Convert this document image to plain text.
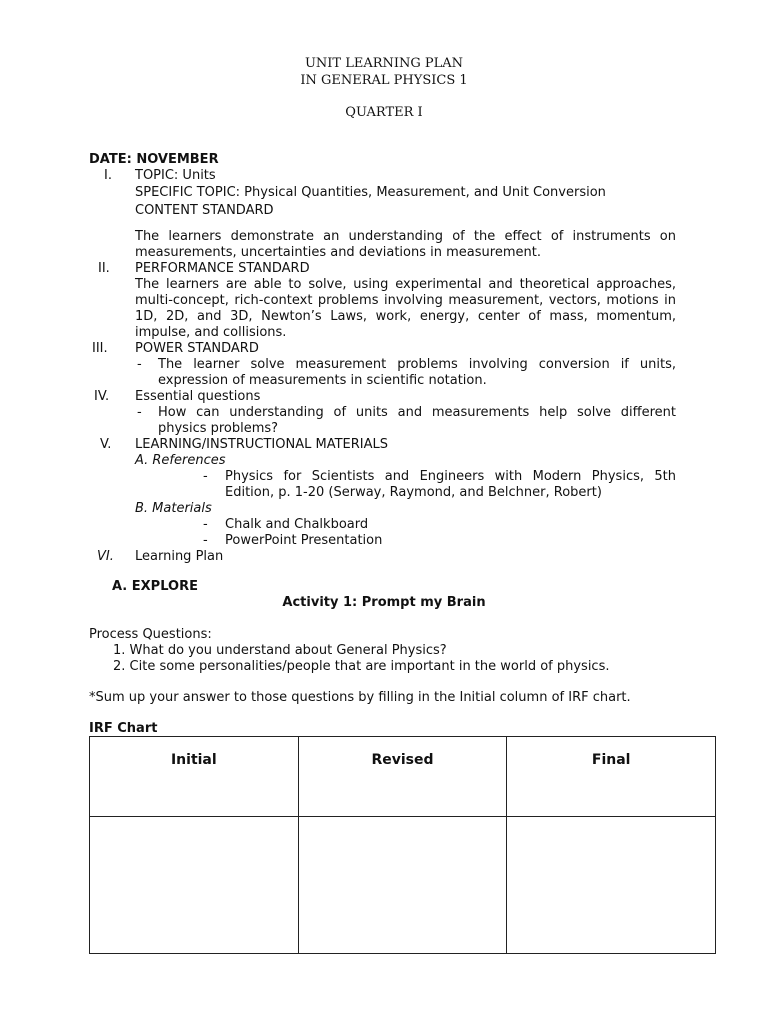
UNIT LEARNING PLAN
IN GENERAL PHYSICS 1
QUARTER I
DATE: NOVEMBER
I. TOPIC: Units
SPECIFIC TOPIC: Physical Quantities, Measurement, and Unit Conversion
CONTENT STANDARD
The learners demonstrate an understanding of the effect of instruments on
measurements, uncertainties and deviations in measurement.
II. PERFORMANCE STANDARD
The learners are able to solve, using experimental and theoretical approaches,
multi-concept, rich-context problems involving measurement, vectors, motions in
1D, 2D, and 3D, Newton’s Laws, work, energy, center of mass, momentum,
impulse, and collisions.
III. POWER STANDARD
- The learner solve measurement problems involving conversion if units,
expression of measurements in scientific notation.
IV. Essential questions
- How can understanding of units and measurements help solve different
physics problems?
V. LEARNING/INSTRUCTIONAL MATERIALS
A. References
- Physics for Scientists and Engineers with Modern Physics, 5th
Edition, p. 1-20 (Serway, Raymond, and Belchner, Robert)
B. Materials
- Chalk and Chalkboard
- PowerPoint Presentation
VI. Learning Plan
A. EXPLORE
Activity 1: Prompt my Brain
Process Questions:
1. What do you understand about General Physics?
2. Cite some personalities/people that are important in the world of physics.
*Sum up your answer to those questions by filling in the Initial column of IRF chart.
IRF Chart
Initial	Revised	Final
